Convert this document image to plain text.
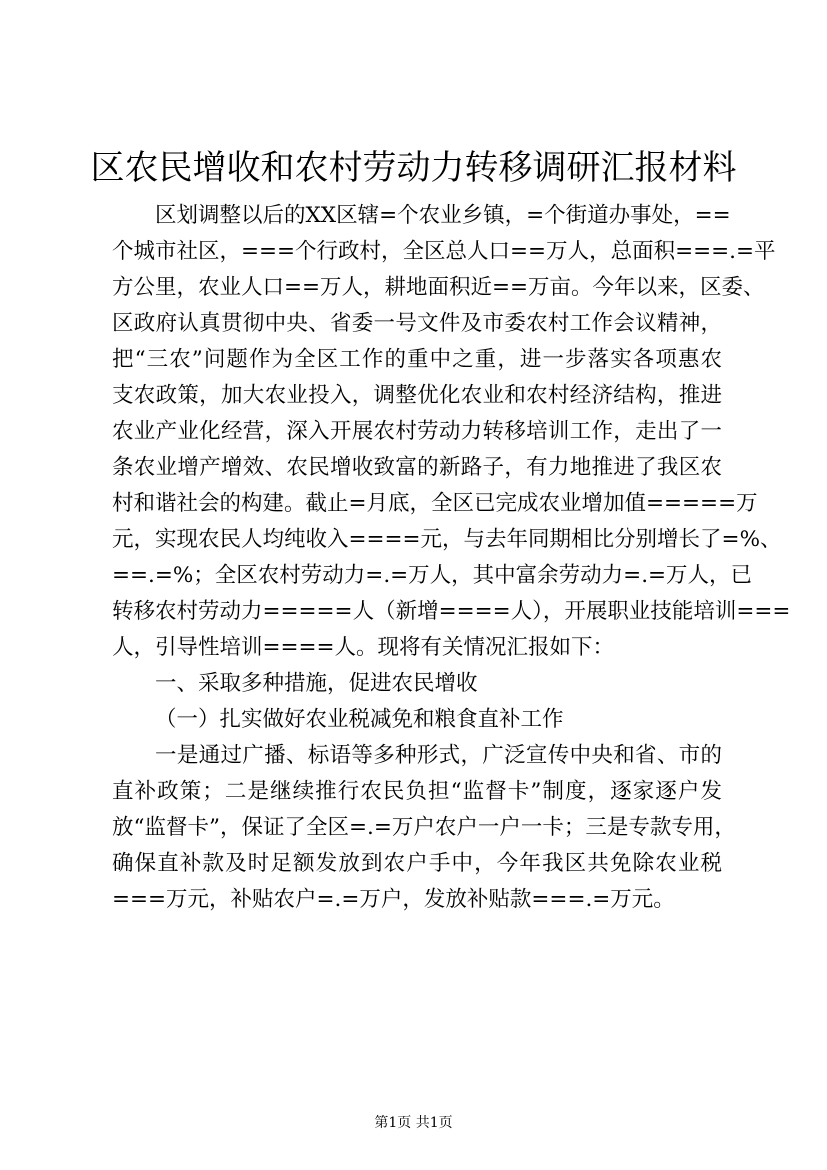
区农民增收和农村劳动力转移调研汇报材料
区划调整以后的XX区辖=个农业乡镇，=个街道办事处，==
个城市社区，===个行政村，全区总人口==万人，总面积===.=平
方公里，农业人口==万人，耕地面积近==万亩。今年以来，区委、
区政府认真贯彻中央、省委一号文件及市委农村工作会议精神，
把“三农”问题作为全区工作的重中之重，进一步落实各项惠农
支农政策，加大农业投入，调整优化农业和农村经济结构，推进
农业产业化经营，深入开展农村劳动力转移培训工作，走出了一
条农业增产增效、农民增收致富的新路子，有力地推进了我区农
村和谐社会的构建。截止=月底，全区已完成农业增加值=====万
元，实现农民人均纯收入====元，与去年同期相比分别增长了=%、
==.=%；全区农村劳动力=.=万人，其中富余劳动力=.=万人，已
转移农村劳动力=====人（新增====人），开展职业技能培训===
人，引导性培训====人。现将有关情况汇报如下：
一、采取多种措施，促进农民增收
（一）扎实做好农业税减免和粮食直补工作
一是通过广播、标语等多种形式，广泛宣传中央和省、市的
直补政策；二是继续推行农民负担“监督卡”制度，逐家逐户发
放“监督卡”，保证了全区=.=万户农户一户一卡；三是专款专用，
确保直补款及时足额发放到农户手中，今年我区共免除农业税
===万元，补贴农户=.=万户，发放补贴款===.=万元。
第1页 共1页
